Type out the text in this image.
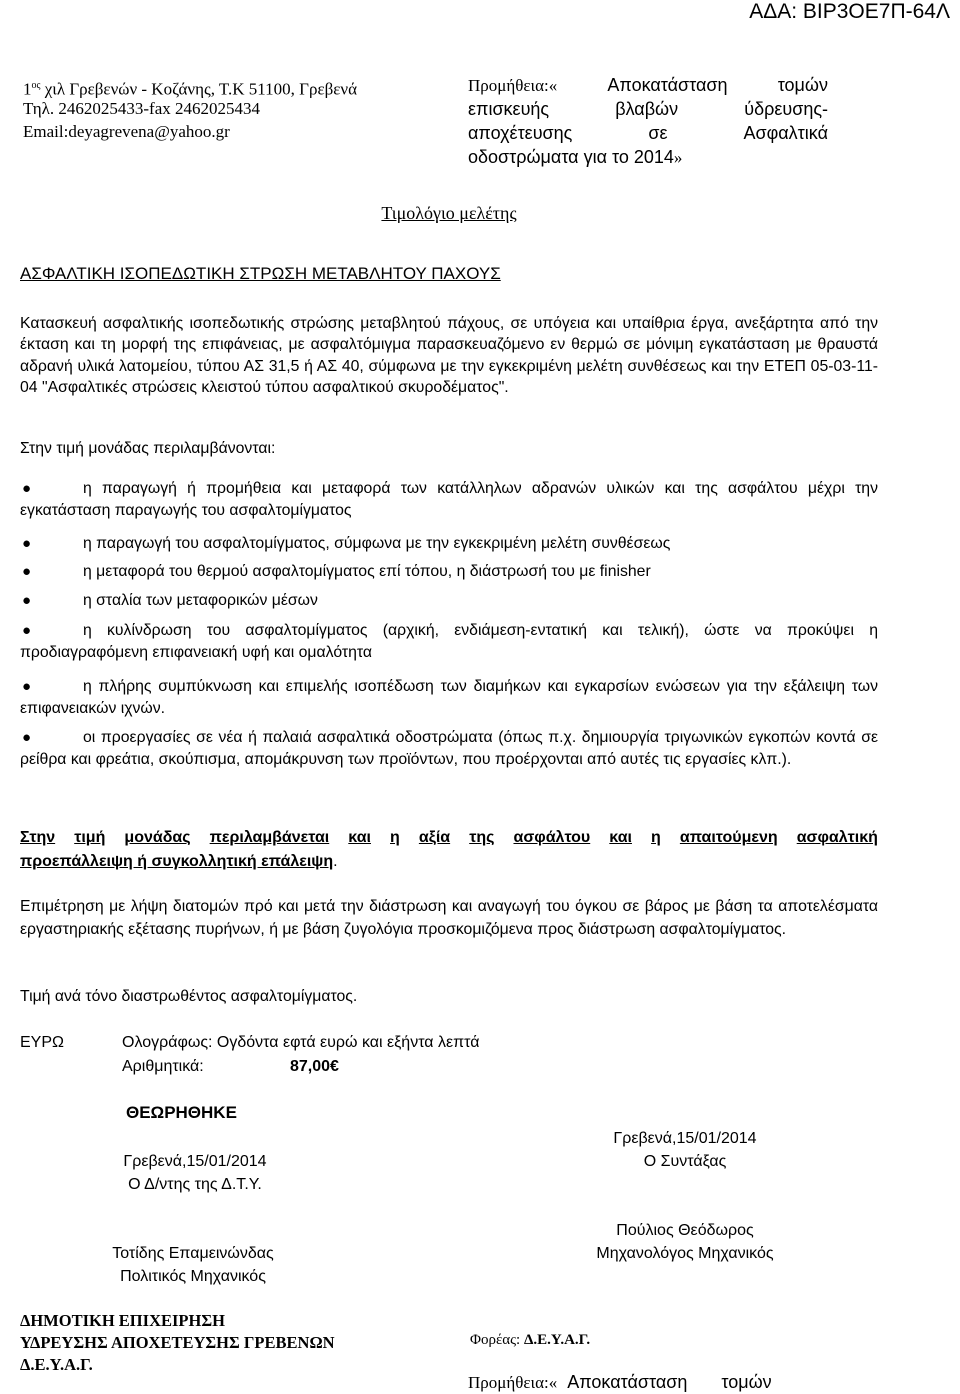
ΑΔΑ: ΒΙΡ3ΟΕ7Π-64Λ
$1^{o\varsigma}$ χιλ Γρεβενών - Κοζάνης, Τ.Κ 51100, Γρεβενά
Τηλ. 2462025433-fax 2462025434
Email:deyagrevena@yahoo.gr
Προμήθεια:«	Αποκατάσταση	τομών
επισκευής	βλαβών	ύδρευσης-
αποχέτευσης	σε	Ασφαλτικά
οδοστρώματα για το 2014»
Τιμολόγιο μελέτης
ΑΣΦΑΛΤΙΚΗ ΙΣΟΠΕΔΩΤΙΚΗ ΣΤΡΩΣΗ ΜΕΤΑΒΛΗΤΟΥ ΠΑΧΟΥΣ
Κατασκευή ασφαλτικής ισοπεδωτικής στρώσης μεταβλητού πάχους, σε υπόγεια και υπαίθρια έργα, ανεξάρτητα από την έκταση και τη μορφή της επιφάνειας, με ασφαλτόμιγμα παρασκευαζόμενο εν θερμώ σε μόνιμη εγκατάσταση με θραυστά αδρανή υλικά λατομείου, τύπου ΑΣ 31,5 ή ΑΣ 40, σύμφωνα με την εγκεκριμένη μελέτη συνθέσεως και την ΕΤΕΠ 05-03-11-04 "Ασφαλτικές στρώσεις κλειστού τύπου ασφαλτικού σκυροδέματος".
Στην τιμή μονάδας περιλαμβάνονται:
●	η παραγωγή ή προμήθεια και μεταφορά των κατάλληλων αδρανών υλικών και της ασφάλτου μέχρι την εγκατάσταση παραγωγής του ασφαλτομίγματος
●	η παραγωγή του ασφαλτομίγματος, σύμφωνα με την εγκεκριμένη μελέτη συνθέσεως
●	η μεταφορά του θερμού ασφαλτομίγματος επί τόπου, η διάστρωσή του με finisher
●	η σταλία των μεταφορικών μέσων
●	η κυλίνδρωση του ασφαλτομίγματος (αρχική, ενδιάμεση-εντατική και τελική), ώστε να προκύψει η προδιαγραφόμενη επιφανειακή υφή και ομαλότητα
●	η πλήρης συμπύκνωση και επιμελής ισοπέδωση των διαμήκων και εγκαρσίων ενώσεων για την εξάλειψη των επιφανειακών ιχνών.
●	οι προεργασίες σε νέα ή παλαιά ασφαλτικά οδοστρώματα (όπως π.χ. δημιουργία τριγωνικών εγκοπών κοντά σε ρείθρα και φρεάτια, σκούπισμα, απομάκρυνση των προϊόντων, που προέρχονται από αυτές τις εργασίες κλπ.).
Στην τιμή μονάδας περιλαμβάνεται και η αξία της ασφάλτου και η απαιτούμενη ασφαλτική
προεπάλλειψη ή συγκολλητική επάλειψη.
Επιμέτρηση με λήψη διατομών πρό και μετά την διάστρωση και αναγωγή του όγκου σε βάρος με βάση τα αποτελέσματα εργαστηριακής εξέτασης πυρήνων, ή με βάση ζυγολόγια προσκομιζόμενα προς διάστρωση ασφαλτομίγματος.
Τιμή ανά τόνο διαστρωθέντος ασφαλτομίγματος.
ΕΥΡΩ	Ολογράφως: Ογδόντα εφτά ευρώ και εξήντα λεπτά
Αριθμητικά:	87,00€
ΘΕΩΡΗΘΗΚΕ
Γρεβενά,15/01/2014
Ο Δ/ντης της Δ.Τ.Υ.
Γρεβενά,15/01/2014
Ο Συντάξας
Τοτίδης Επαμεινώνδας
Πολιτικός Μηχανικός
Πούλιος Θεόδωρος
Μηχανολόγος Μηχανικός
ΔΗΜΟΤΙΚΗ ΕΠΙΧΕΙΡΗΣΗ
ΥΔΡΕΥΣΗΣ ΑΠΟΧΕΤΕΥΣΗΣ ΓΡΕΒΕΝΩΝ
Δ.Ε.Υ.Α.Γ.
Φορέας: Δ.Ε.Υ.Α.Γ.
Προμήθεια:« Αποκατάσταση τομών
